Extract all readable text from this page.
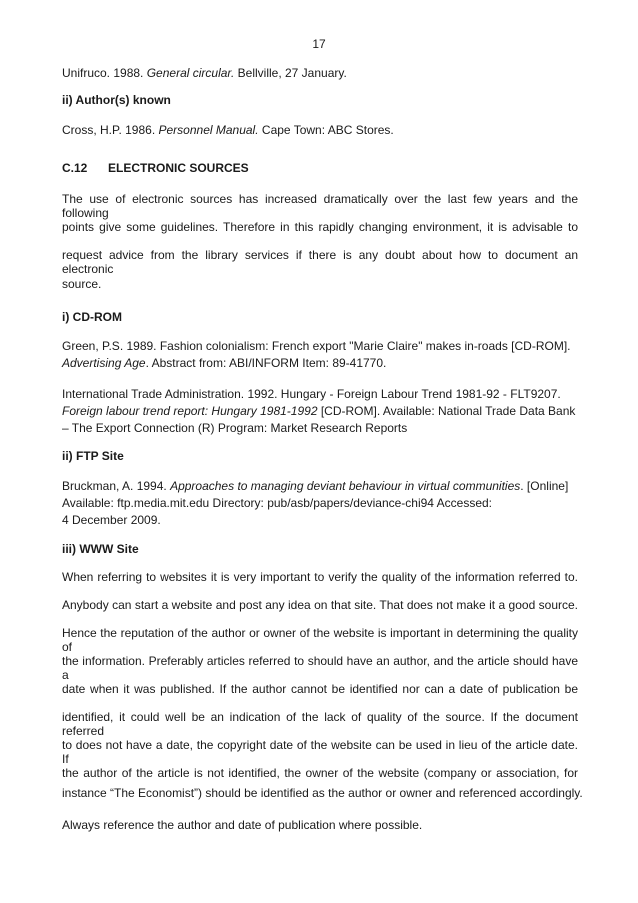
17

Unifruco. 1988. General circular. Bellville, 27 January.

ii) Author(s) known

Cross, H.P. 1986. Personnel Manual. Cape Town: ABC Stores.

C.12 ELECTRONIC SOURCES

The use of electronic sources has increased dramatically over the last few years and the following

points give some guidelines. Therefore in this rapidly changing environment, it is advisable to

request advice from the library services if there is any doubt about how to document an electronic

source.

i) CD-ROM

Green, P.S. 1989. Fashion colonialism: French export "Marie Claire" makes in-roads [CD-ROM].

Advertising Age. Abstract from: ABI/INFORM Item: 89-41770.

International Trade Administration. 1992. Hungary - Foreign Labour Trend 1981-92 - FLT9207.

Foreign labour trend report: Hungary 1981-1992 [CD-ROM]. Available: National Trade Data Bank

– The Export Connection (R) Program: Market Research Reports

ii) FTP Site

Bruckman, A. 1994. Approaches to managing deviant behaviour in virtual communities. [Online]

Available: ftp.media.mit.edu Directory: pub/asb/papers/deviance-chi94 Accessed:

4 December 2009.

iii) WWW Site

When referring to websites it is very important to verify the quality of the information referred to.

Anybody can start a website and post any idea on that site. That does not make it a good source.

Hence the reputation of the author or owner of the website is important in determining the quality of

the information. Preferably articles referred to should have an author, and the article should have a

date when it was published. If the author cannot be identified nor can a date of publication be

identified, it could well be an indication of the lack of quality of the source. If the document referred

to does not have a date, the copyright date of the website can be used in lieu of the article date. If

the author of the article is not identified, the owner of the website (company or association, for

instance “The Economist”) should be identified as the author or owner and referenced accordingly.

Always reference the author and date of publication where possible.
